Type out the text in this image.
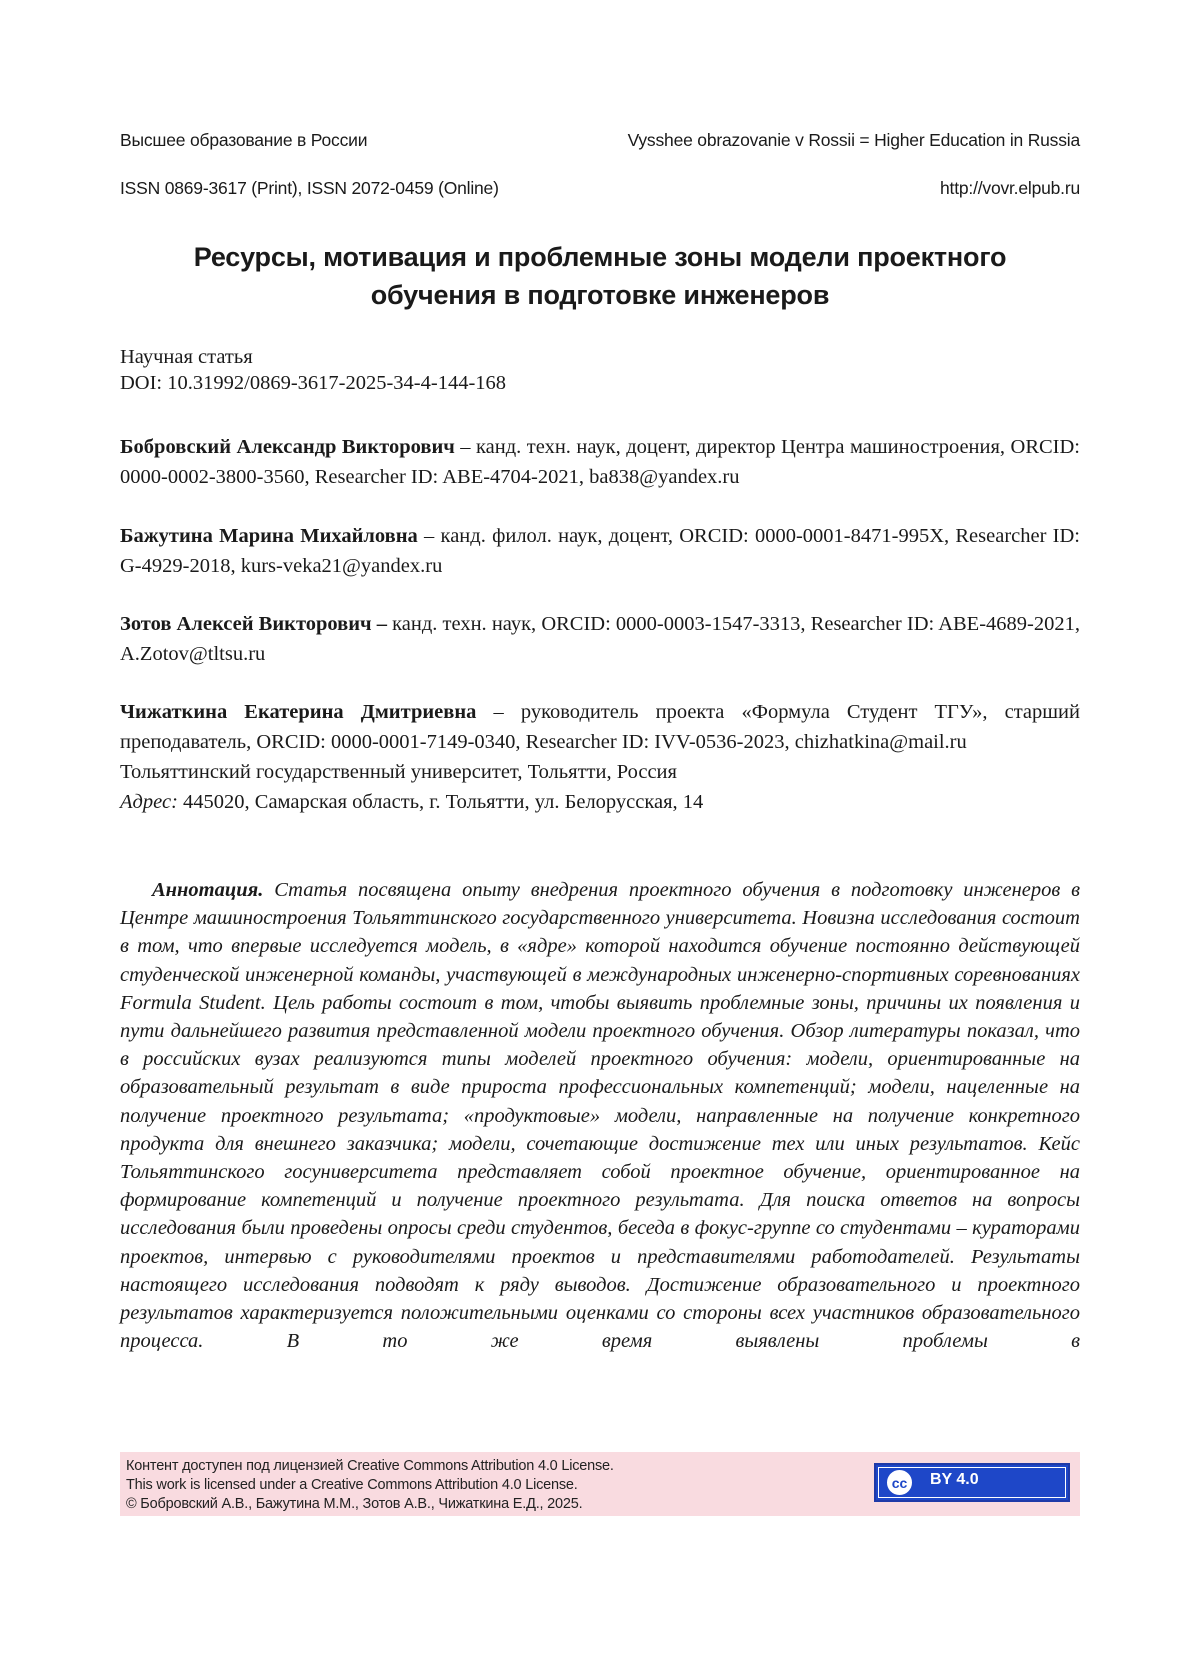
Высшее образование в России	Vysshee obrazovanie v Rossii = Higher Education in Russia
ISSN 0869-3617 (Print), ISSN 2072-0459 (Online)	http://vovr.elpub.ru
Ресурсы, мотивация и проблемные зоны модели проектного
обучения в подготовке инженеров
Научная статья
DOI: 10.31992/0869-3617-2025-34-4-144-168
Бобровский Александр Викторович – канд. техн. наук, доцент, директор Центра машиностроения, ORCID: 0000-0002-3800-3560, Researcher ID: ABE-4704-2021, ba838@yandex.ru
Бажутина Марина Михайловна – канд. филол. наук, доцент, ORCID: 0000-0001-8471-995X, Researcher ID: G-4929-2018, kurs-veka21@yandex.ru
Зотов Алексей Викторович – канд. техн. наук, ORCID: 0000-0003-1547-3313, Researcher ID: ABE-4689-2021, A.Zotov@tltsu.ru
Чижаткина Екатерина Дмитриевна – руководитель проекта «Формула Студент ТГУ», старший преподаватель, ORCID: 0000-0001-7149-0340, Researcher ID: IVV-0536-2023, chizhatkina@mail.ru
Тольяттинский государственный университет, Тольятти, Россия
Адрес: 445020, Самарская область, г. Тольятти, ул. Белорусская, 14
Аннотация. Статья посвящена опыту внедрения проектного обучения в подготовку инженеров в Центре машиностроения Тольяттинского государственного университета. Новизна исследования состоит в том, что впервые исследуется модель, в «ядре» которой находится обучение постоянно действующей студенческой инженерной команды, участвующей в международных инженерно-спортивных соревнованиях Formula Student. Цель работы состоит в том, чтобы выявить проблемные зоны, причины их появления и пути дальнейшего развития представленной модели проектного обучения. Обзор литературы показал, что в российских вузах реализуются типы моделей проектного обучения: модели, ориентированные на образовательный результат в виде прироста профессиональных компетенций; модели, нацеленные на получение проектного результата; «продуктовые» модели, направленные на получение конкретного продукта для внешнего заказчика; модели, сочетающие достижение тех или иных результатов. Кейс Тольяттинского госуниверситета представляет собой проектное обучение, ориентированное на формирование компетенций и получение проектного результата. Для поиска ответов на вопросы исследования были проведены опросы среди студентов, беседа в фокус-группе со студентами – кураторами проектов, интервью с руководителями проектов и представителями работодателей. Результаты настоящего исследования подводят к ряду выводов. Достижение образовательного и проектного результатов характеризуется положительными оценками со стороны всех участников образовательного процесса. В то же время выявлены проблемы в
Контент доступен под лицензией Creative Commons Attribution 4.0 License.
This work is licensed under a Creative Commons Attribution 4.0 License.
© Бобровский А.В., Бажутина М.М., Зотов А.В., Чижаткина Е.Д., 2025.
cc	BY 4.0
